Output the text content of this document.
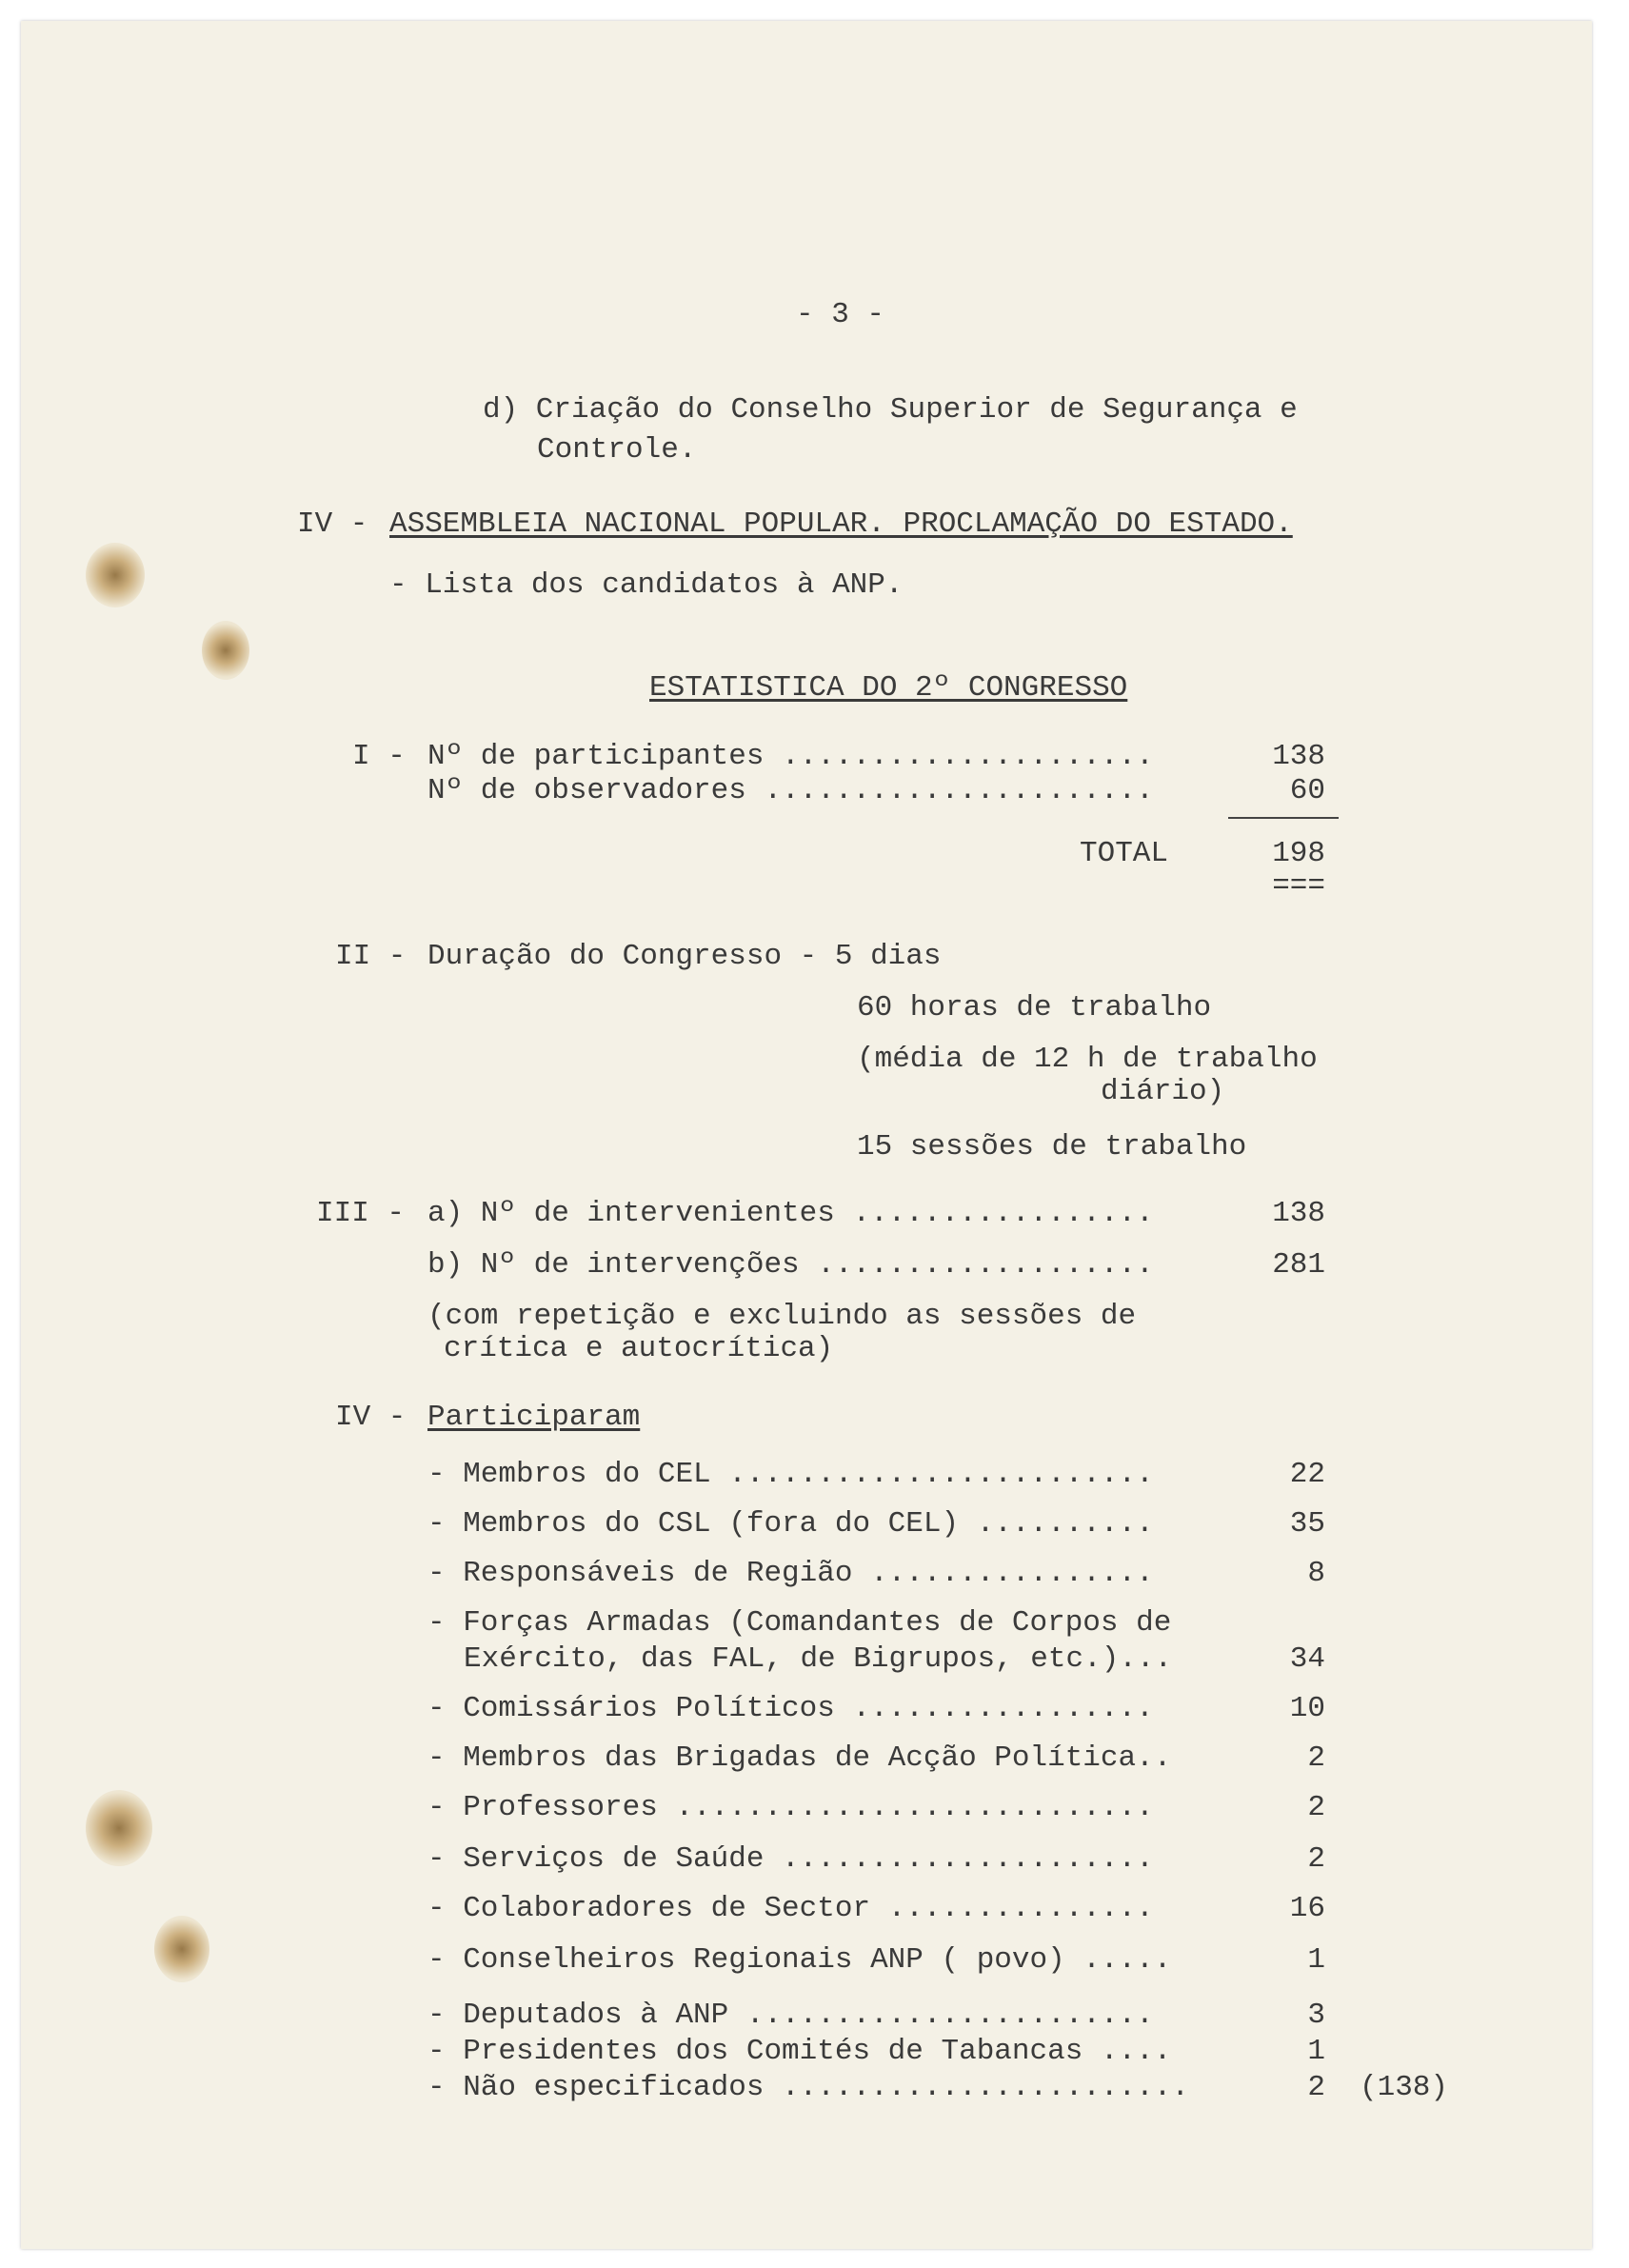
- 3 -
d) Criação do Conselho Superior de Segurança e
Controle.
IV - ASSEMBLEIA NACIONAL POPULAR. PROCLAMAÇÃO DO ESTADO.
- Lista dos candidatos à ANP.
ESTATISTICA DO 2º CONGRESSO
I - Nº de participantes .....................	138
Nº de observadores ......................	60
TOTAL	198
===
II - Duração do Congresso - 5 dias
60 horas de trabalho
(média de 12 h de trabalho
diário)
15 sessões de trabalho
III - a) Nº de intervenientes .................	138
b) Nº de intervenções ...................	281
(com repetição e excluindo as sessões de
crítica e autocrítica)
IV - Participaram
- Membros do CEL ........................	22
- Membros do CSL (fora do CEL) ..........	35
- Responsáveis de Região ................	8
- Forças Armadas (Comandantes de Corpos de
Exército, das FAL, de Bigrupos, etc.)...	34
- Comissários Políticos .................	10
- Membros das Brigadas de Acção Política..	2
- Professores ...........................	2
- Serviços de Saúde .....................	2
- Colaboradores de Sector ...............	16
- Conselheiros Regionais ANP ( povo) .....	1
- Deputados à ANP .......................	3
- Presidentes dos Comités de Tabancas ....	1
- Não especificados .......................	2 (138)
